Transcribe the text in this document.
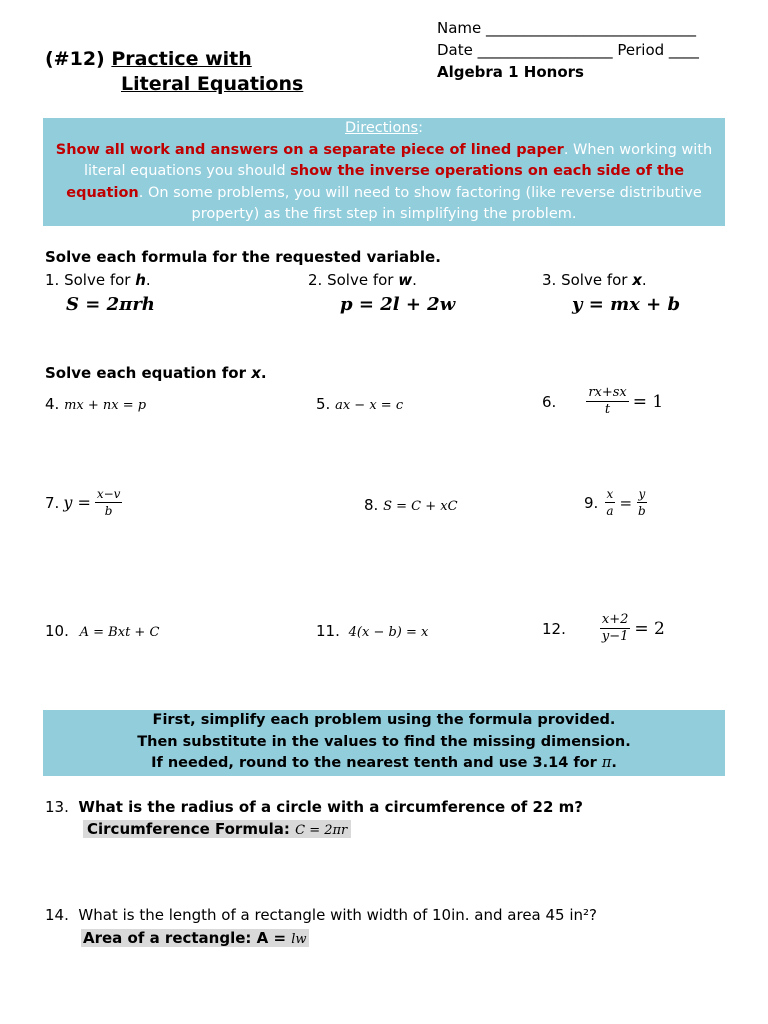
(#12) Practice with
Literal Equations
Name ____________________________
Date __________________ Period ____
Algebra 1 Honors
Directions:
Show all work and answers on a separate piece of lined paper. When working with literal equations you should show the inverse operations on each side of the equation. On some problems, you will need to show factoring (like reverse distributive property) as the first step in simplifying the problem.
Solve each formula for the requested variable.
1. Solve for h.
S = 2πrh
2. Solve for w.
p = 2l + 2w
3. Solve for x.
y = mx + b
Solve each equation for x.
4. mx + nx = p	5. ax − x = c	6. $\frac{rx+sx}{t} = 1$
7. $y = \frac{x-v}{b}$	8. S = C + xC	9. $\frac{x}{a} = \frac{y}{b}$
10. A = Bxt + C	11. 4(x − b) = x	12.	$\frac{x+2}{y-1} = 2$
First, simplify each problem using the formula provided.
Then substitute in the values to find the missing dimension.
If needed, round to the nearest tenth and use 3.14 for π.
13. What is the radius of a circle with a circumference of 22 m?
Circumference Formula: C = 2πr
14. What is the length of a rectangle with width of 10in. and area 45 in²?
Area of a rectangle: A = lw
